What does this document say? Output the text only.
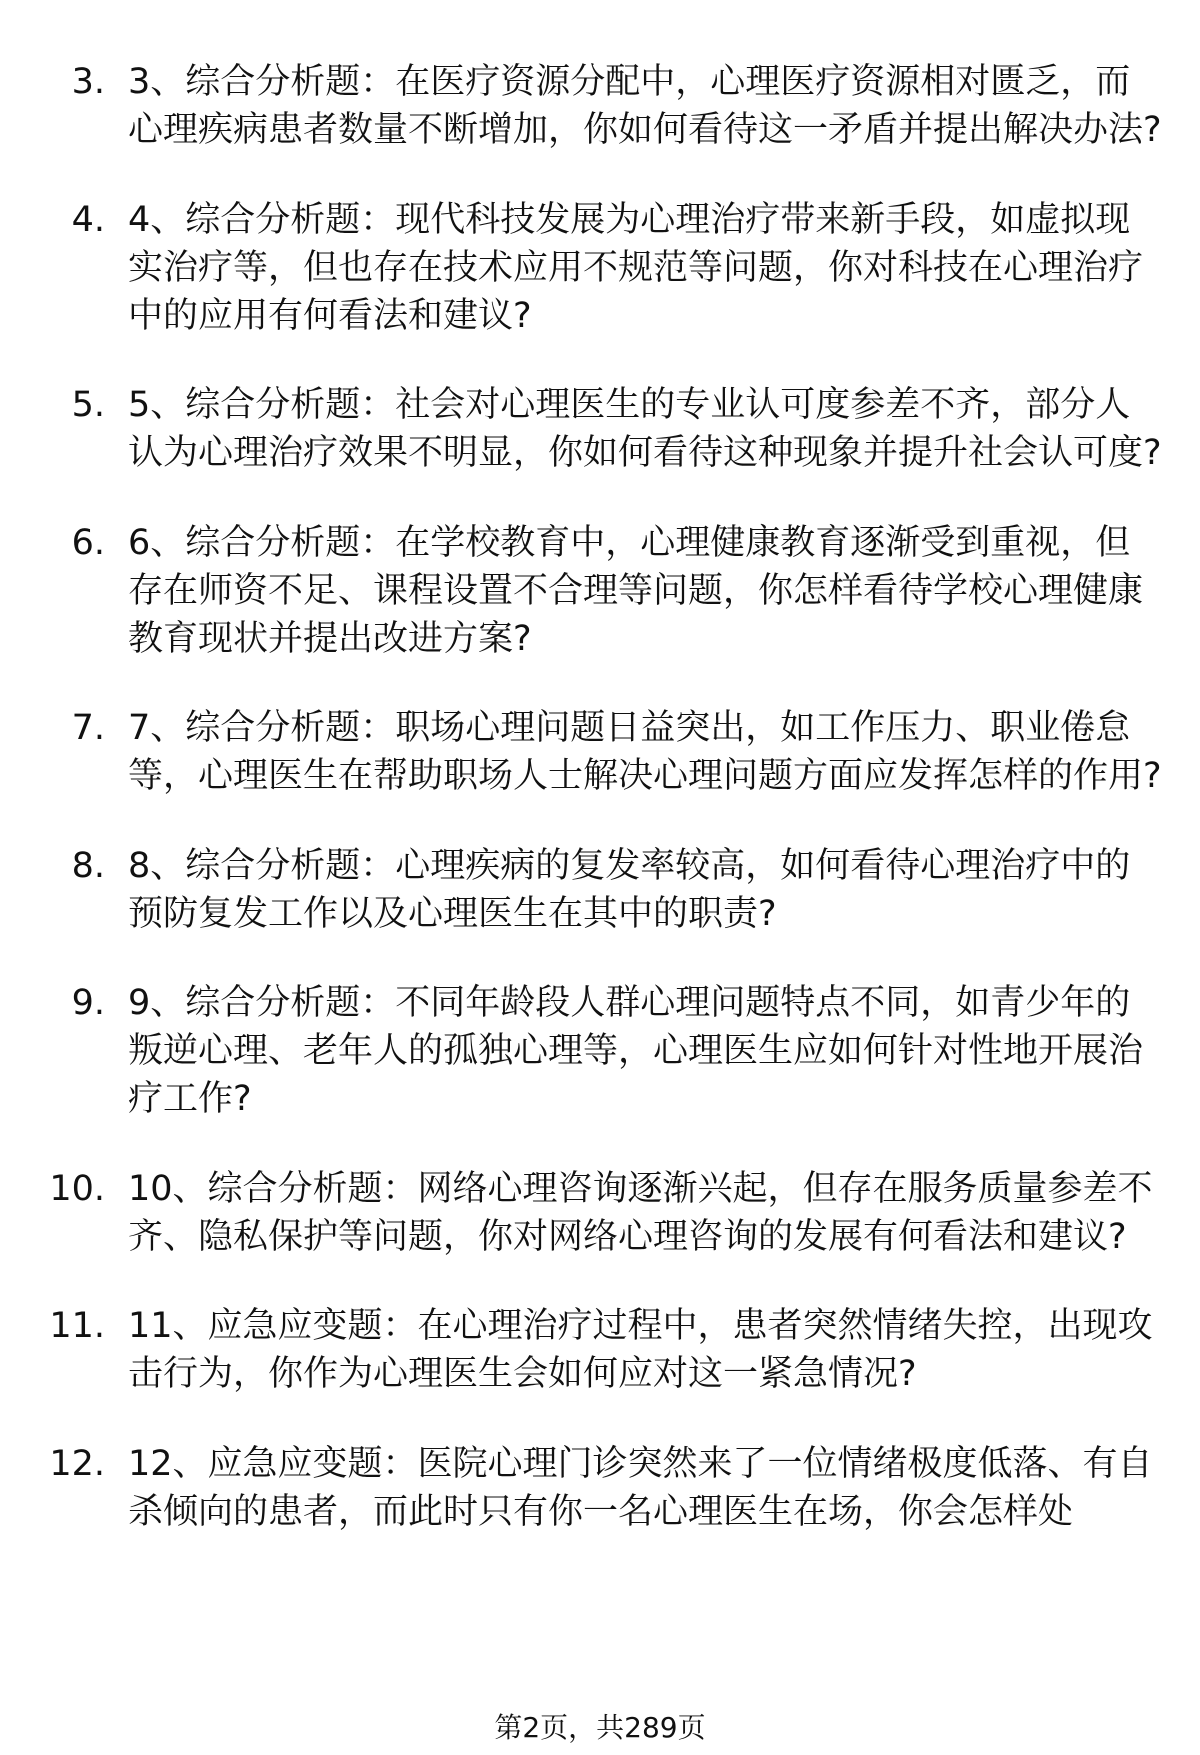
3. 3、综合分析题：在医疗资源分配中，心理医疗资源相对匮乏，而心理疾病患者数量不断增加，你如何看待这一矛盾并提出解决办法?
4. 4、综合分析题：现代科技发展为心理治疗带来新手段，如虚拟现实治疗等，但也存在技术应用不规范等问题，你对科技在心理治疗中的应用有何看法和建议?
5. 5、综合分析题：社会对心理医生的专业认可度参差不齐，部分人认为心理治疗效果不明显，你如何看待这种现象并提升社会认可度?
6. 6、综合分析题：在学校教育中，心理健康教育逐渐受到重视，但存在师资不足、课程设置不合理等问题，你怎样看待学校心理健康教育现状并提出改进方案?
7. 7、综合分析题：职场心理问题日益突出，如工作压力、职业倦怠等，心理医生在帮助职场人士解决心理问题方面应发挥怎样的作用?
8. 8、综合分析题：心理疾病的复发率较高，如何看待心理治疗中的预防复发工作以及心理医生在其中的职责?
9. 9、综合分析题：不同年龄段人群心理问题特点不同，如青少年的叛逆心理、老年人的孤独心理等，心理医生应如何针对性地开展治疗工作?
10. 10、综合分析题：网络心理咨询逐渐兴起，但存在服务质量参差不齐、隐私保护等问题，你对网络心理咨询的发展有何看法和建议?
11. 11、应急应变题：在心理治疗过程中，患者突然情绪失控，出现攻击行为，你作为心理医生会如何应对这一紧急情况?
12. 12、应急应变题：医院心理门诊突然来了一位情绪极度低落、有自杀倾向的患者，而此时只有你一名心理医生在场，你会怎样处
第2页，共289页
